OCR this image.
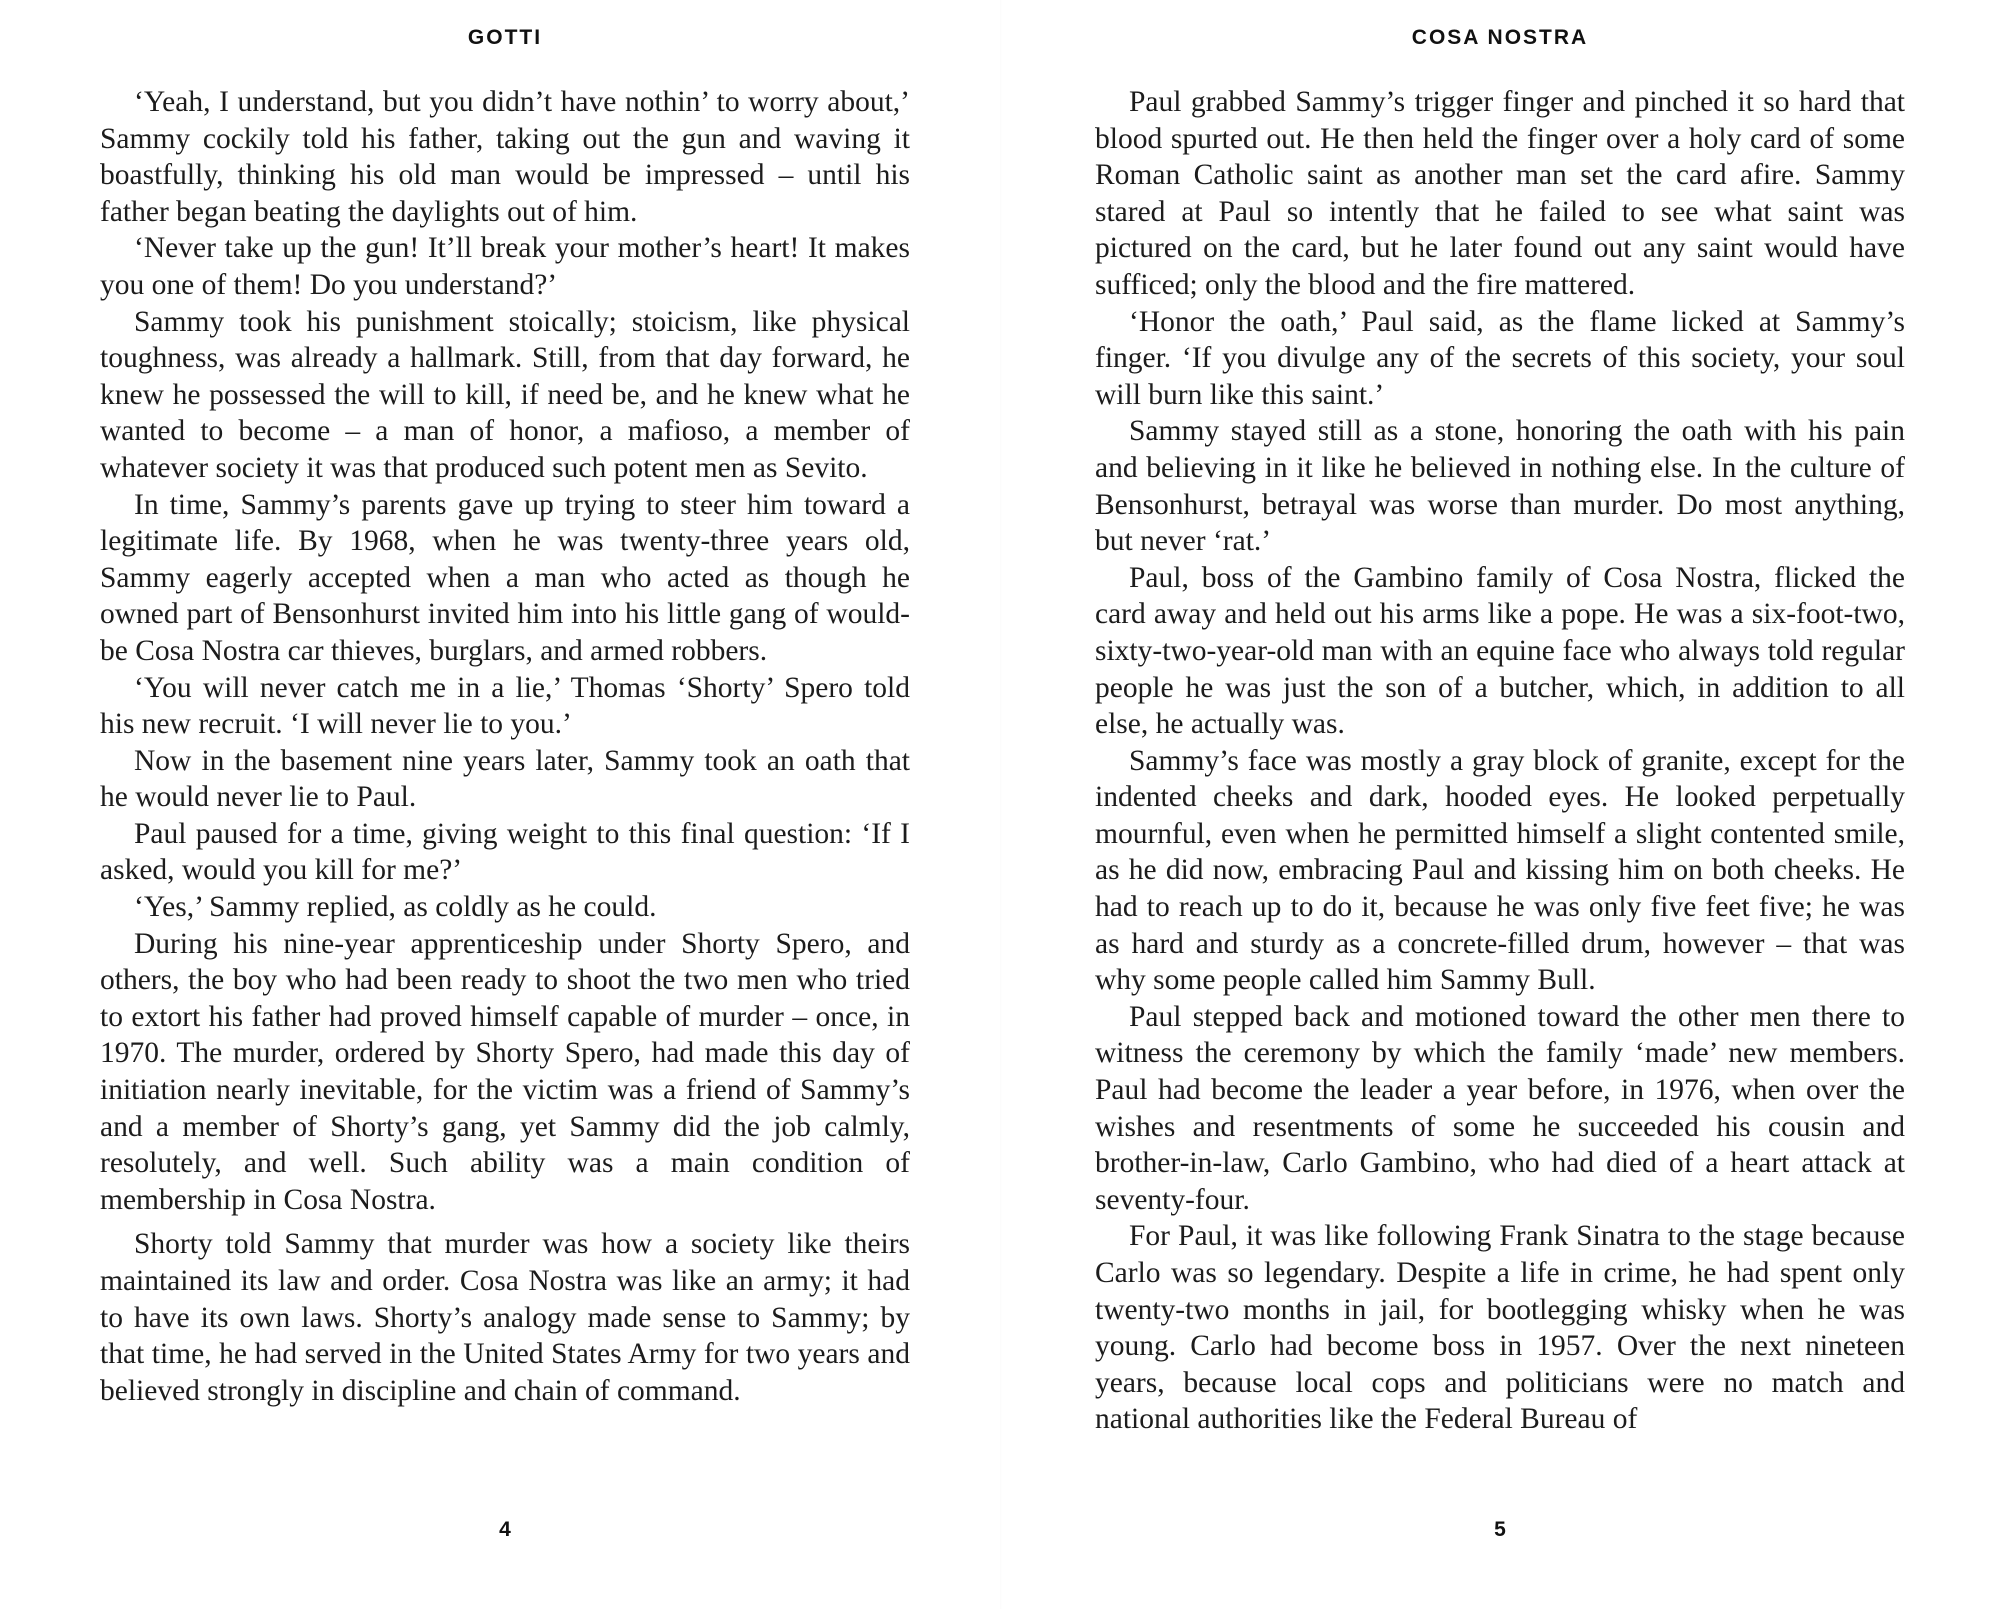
GOTTI

‘Yeah, I understand, but you didn’t have nothin’ to worry about,’ Sammy cockily told his father, taking out the gun and waving it boastfully, thinking his old man would be impressed – until his father began beating the daylights out of him.

‘Never take up the gun! It’ll break your mother’s heart! It makes you one of them! Do you understand?’

Sammy took his punishment stoically; stoicism, like physical toughness, was already a hallmark. Still, from that day forward, he knew he possessed the will to kill, if need be, and he knew what he wanted to become – a man of honor, a mafioso, a member of whatever society it was that produced such potent men as Sevito.

In time, Sammy’s parents gave up trying to steer him toward a legitimate life. By 1968, when he was twenty-three years old, Sammy eagerly accepted when a man who acted as though he owned part of Bensonhurst invited him into his little gang of would-be Cosa Nostra car thieves, burglars, and armed robbers.

‘You will never catch me in a lie,’ Thomas ‘Shorty’ Spero told his new recruit. ‘I will never lie to you.’

Now in the basement nine years later, Sammy took an oath that he would never lie to Paul.

Paul paused for a time, giving weight to this final question: ‘If I asked, would you kill for me?’

‘Yes,’ Sammy replied, as coldly as he could.

During his nine-year apprenticeship under Shorty Spero, and others, the boy who had been ready to shoot the two men who tried to extort his father had proved himself capable of murder – once, in 1970. The murder, ordered by Shorty Spero, had made this day of initiation nearly inevitable, for the victim was a friend of Sammy’s and a member of Shorty’s gang, yet Sammy did the job calmly, resolutely, and well. Such ability was a main condition of membership in Cosa Nostra.

Shorty told Sammy that murder was how a society like theirs maintained its law and order. Cosa Nostra was like an army; it had to have its own laws. Shorty’s analogy made sense to Sammy; by that time, he had served in the United States Army for two years and believed strongly in discipline and chain of command.

4
COSA NOSTRA

Paul grabbed Sammy’s trigger finger and pinched it so hard that blood spurted out. He then held the finger over a holy card of some Roman Catholic saint as another man set the card afire. Sammy stared at Paul so intently that he failed to see what saint was pictured on the card, but he later found out any saint would have sufficed; only the blood and the fire mattered.

‘Honor the oath,’ Paul said, as the flame licked at Sammy’s finger. ‘If you divulge any of the secrets of this society, your soul will burn like this saint.’

Sammy stayed still as a stone, honoring the oath with his pain and believing in it like he believed in nothing else. In the culture of Bensonhurst, betrayal was worse than murder. Do most anything, but never ‘rat.’

Paul, boss of the Gambino family of Cosa Nostra, flicked the card away and held out his arms like a pope. He was a six-foot-two, sixty-two-year-old man with an equine face who always told regular people he was just the son of a butcher, which, in addition to all else, he actually was.

Sammy’s face was mostly a gray block of granite, except for the indented cheeks and dark, hooded eyes. He looked perpetually mournful, even when he permitted himself a slight contented smile, as he did now, embracing Paul and kissing him on both cheeks. He had to reach up to do it, because he was only five feet five; he was as hard and sturdy as a concrete-filled drum, however – that was why some people called him Sammy Bull.

Paul stepped back and motioned toward the other men there to witness the ceremony by which the family ‘made’ new members. Paul had become the leader a year before, in 1976, when over the wishes and resentments of some he succeeded his cousin and brother-in-law, Carlo Gambino, who had died of a heart attack at seventy-four.

For Paul, it was like following Frank Sinatra to the stage because Carlo was so legendary. Despite a life in crime, he had spent only twenty-two months in jail, for bootlegging whisky when he was young. Carlo had become boss in 1957. Over the next nineteen years, because local cops and politicians were no match and national authorities like the Federal Bureau of

5
